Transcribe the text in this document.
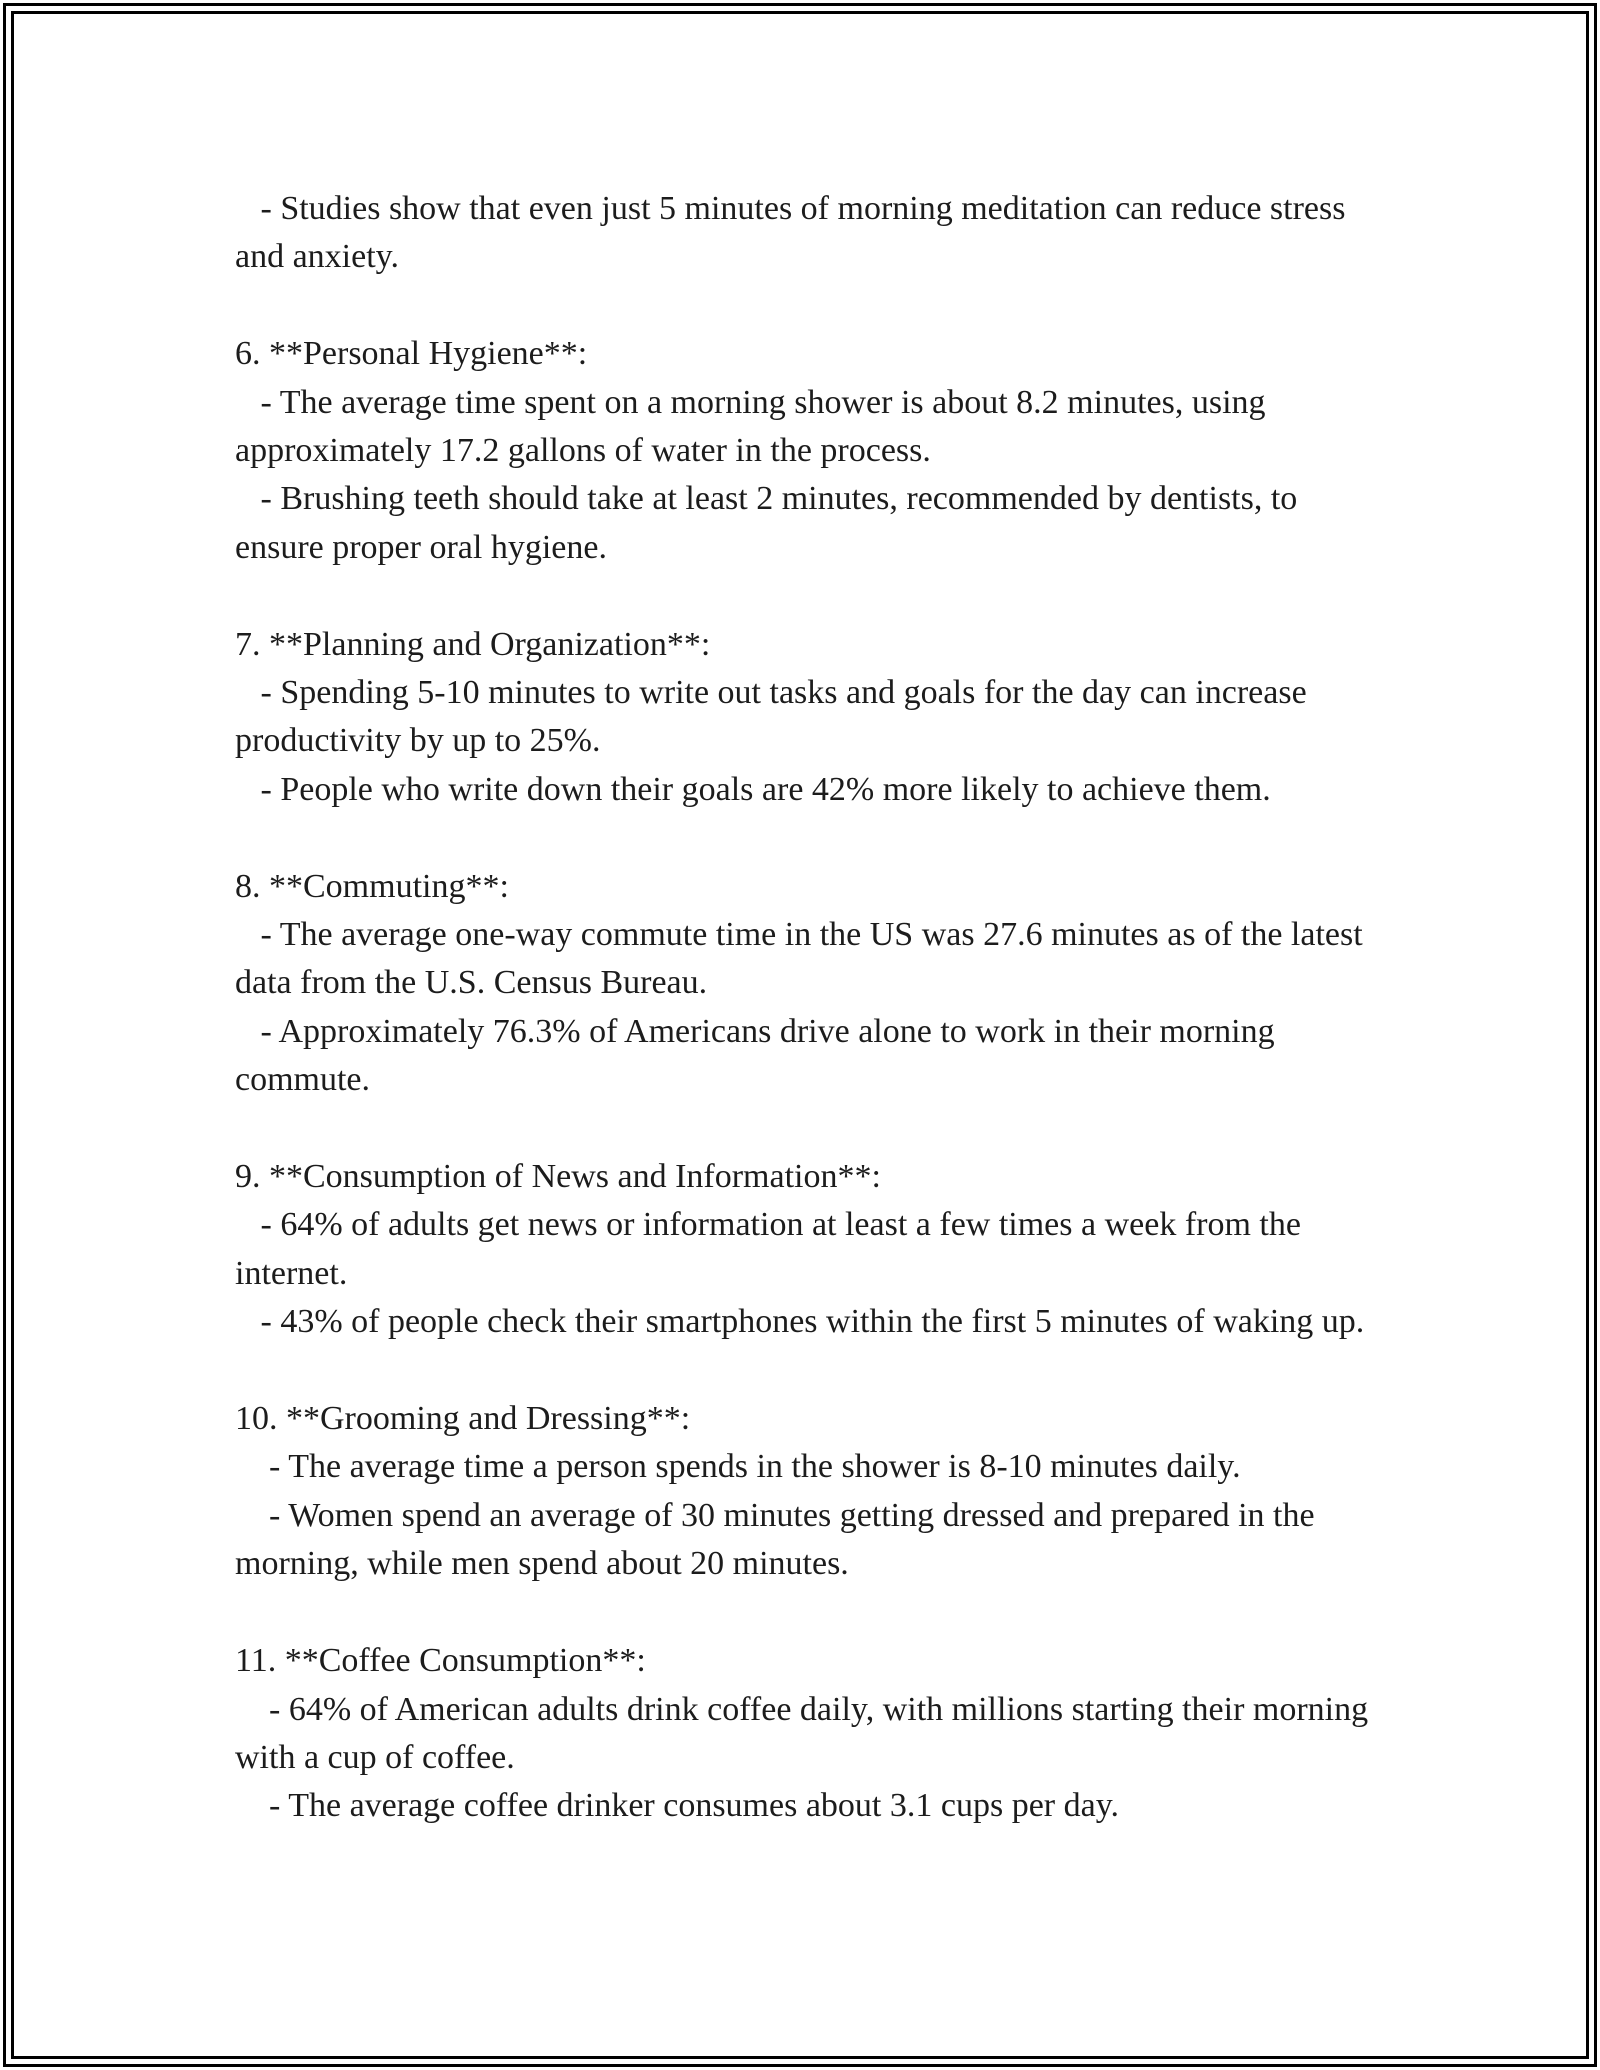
- Studies show that even just 5 minutes of morning meditation can reduce stress and anxiety.

6. **Personal Hygiene**:

- The average time spent on a morning shower is about 8.2 minutes, using approximately 17.2 gallons of water in the process.

- Brushing teeth should take at least 2 minutes, recommended by dentists, to ensure proper oral hygiene.

7. **Planning and Organization**:

- Spending 5-10 minutes to write out tasks and goals for the day can increase productivity by up to 25%.

- People who write down their goals are 42% more likely to achieve them.

8. **Commuting**:

- The average one-way commute time in the US was 27.6 minutes as of the latest data from the U.S. Census Bureau.

- Approximately 76.3% of Americans drive alone to work in their morning commute.

9. **Consumption of News and Information**:

- 64% of adults get news or information at least a few times a week from the internet.

- 43% of people check their smartphones within the first 5 minutes of waking up.

10. **Grooming and Dressing**:

- The average time a person spends in the shower is 8-10 minutes daily.

- Women spend an average of 30 minutes getting dressed and prepared in the morning, while men spend about 20 minutes.

11. **Coffee Consumption**:

- 64% of American adults drink coffee daily, with millions starting their morning with a cup of coffee.

- The average coffee drinker consumes about 3.1 cups per day.
